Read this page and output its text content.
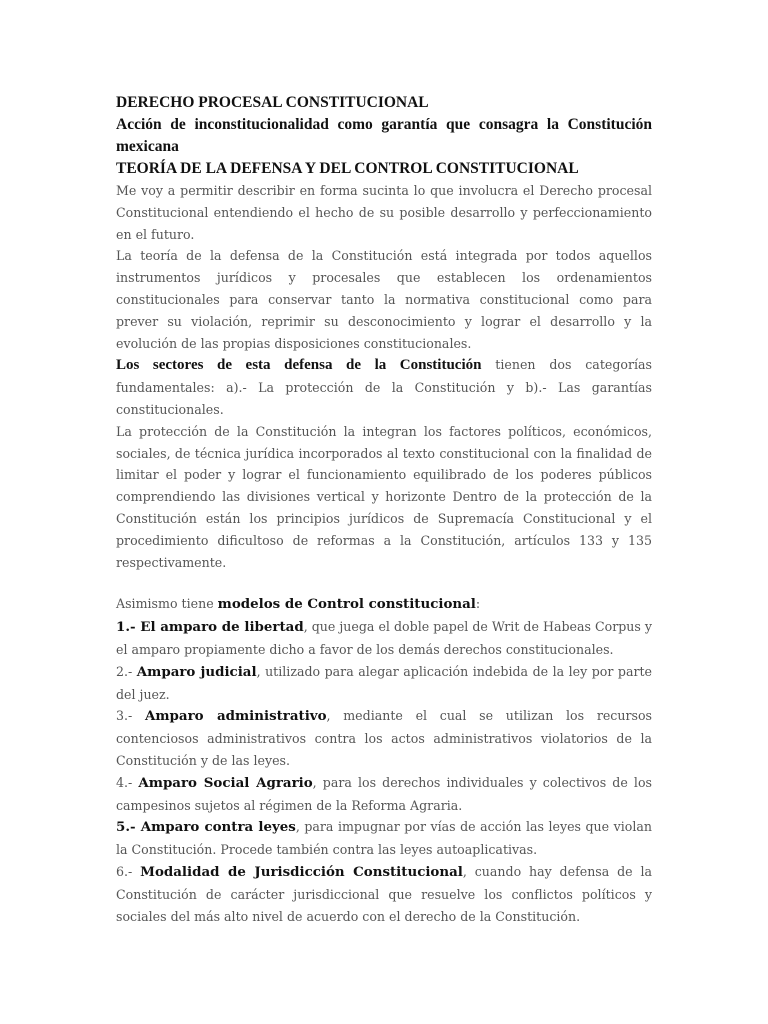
DERECHO PROCESAL CONSTITUCIONAL

Acción de inconstitucionalidad como garantía que consagra la Constitución mexicana

TEORÍA DE LA DEFENSA Y DEL CONTROL CONSTITUCIONAL

Me voy a permitir describir en forma sucinta lo que involucra el Derecho procesal Constitucional entendiendo el hecho de su posible desarrollo y perfeccionamiento en el futuro.

La teoría de la defensa de la Constitución está integrada por todos aquellos instrumentos jurídicos y procesales que establecen los ordenamientos constitucionales para conservar tanto la normativa constitucional como para prever su violación, reprimir su desconocimiento y lograr el desarrollo y la evolución de las propias disposiciones constitucionales.

Los sectores de esta defensa de la Constitución tienen dos categorías fundamentales: a).- La protección de la Constitución y b).- Las garantías constitucionales.

La protección de la Constitución la integran los factores políticos, económicos, sociales, de técnica jurídica incorporados al texto constitucional con la finalidad de limitar el poder y lograr el funcionamiento equilibrado de los poderes públicos comprendiendo las divisiones vertical y horizonte Dentro de la protección de la Constitución están los principios jurídicos de Supremacía Constitucional y el procedimiento dificultoso de reformas a la Constitución, artículos 133 y 135 respectivamente.

Asimismo tiene modelos de Control constitucional:

1.- El amparo de libertad, que juega el doble papel de Writ de Habeas Corpus y el amparo propiamente dicho a favor de los demás derechos constitucionales.

2.- Amparo judicial, utilizado para alegar aplicación indebida de la ley por parte del juez.

3.- Amparo administrativo, mediante el cual se utilizan los recursos contenciosos administrativos contra los actos administrativos violatorios de la Constitución y de las leyes.

4.- Amparo Social Agrario, para los derechos individuales y colectivos de los campesinos sujetos al régimen de la Reforma Agraria.

5.- Amparo contra leyes, para impugnar por vías de acción las leyes que violan la Constitución. Procede también contra las leyes autoaplicativas.

6.- Modalidad de Jurisdicción Constitucional, cuando hay defensa de la Constitución de carácter jurisdiccional que resuelve los conflictos políticos y sociales del más alto nivel de acuerdo con el derecho de la Constitución.
